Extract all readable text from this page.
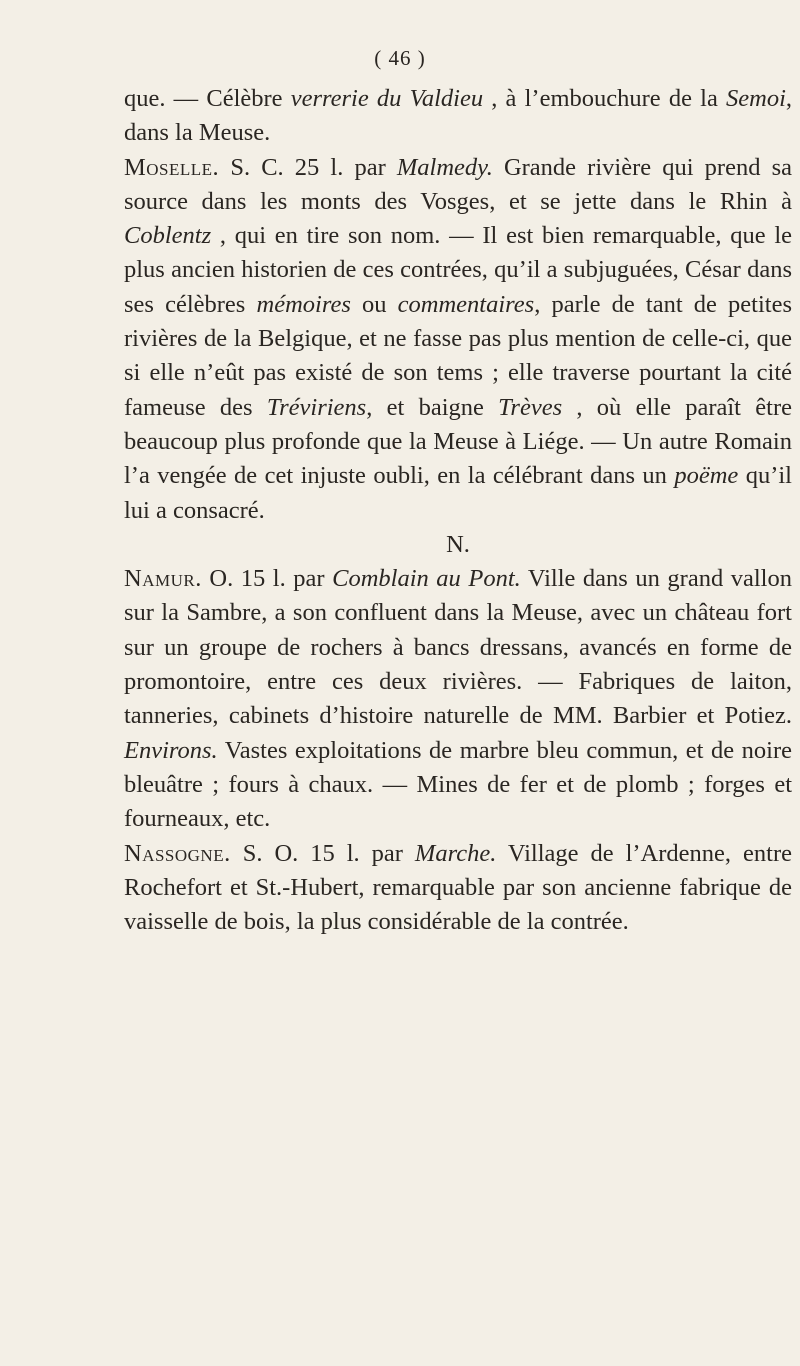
( 46 )

que. — Célèbre verrerie du Valdieu , à l’embouchure de la Semoi, dans la Meuse.

Moselle. S. C. 25 l. par Malmedy. Grande rivière qui prend sa source dans les monts des Vosges, et se jette dans le Rhin à Coblentz , qui en tire son nom. — Il est bien remarquable, que le plus ancien historien de ces contrées, qu’il a subjuguées, César dans ses célèbres mémoires ou commentaires, parle de tant de petites rivières de la Belgique, et ne fasse pas plus mention de celle-ci, que si elle n’eût pas existé de son tems ; elle traverse pourtant la cité fameuse des Tréviriens, et baigne Trèves , où elle paraît être beaucoup plus profonde que la Meuse à Liége. — Un autre Romain l’a vengée de cet injuste oubli, en la célébrant dans un poëme qu’il lui a consacré.

N.

Namur. O. 15 l. par Comblain au Pont. Ville dans un grand vallon sur la Sambre, a son confluent dans la Meuse, avec un château fort sur un groupe de rochers à bancs dressans, avancés en forme de promontoire, entre ces deux rivières. — Fabriques de laiton, tanneries, cabinets d’histoire naturelle de MM. Barbier et Potiez. Environs. Vastes exploitations de marbre bleu commun, et de noire bleuâtre ; fours à chaux. — Mines de fer et de plomb ; forges et fourneaux, etc.

Nassogne. S. O. 15 l. par Marche. Village de l’Ardenne, entre Rochefort et St.-Hubert, remarquable par son ancienne fabrique de vaisselle de bois, la plus considérable de la contrée.
